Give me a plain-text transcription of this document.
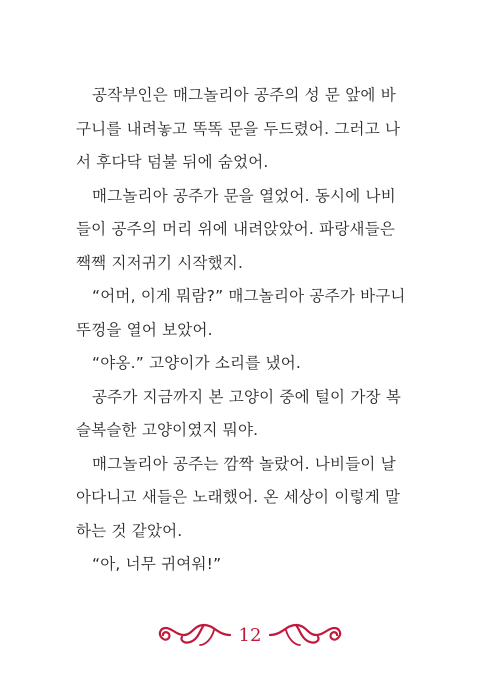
공작부인은 매그놀리아 공주의 성 문 앞에 바
구니를 내려놓고 똑똑 문을 두드렸어. 그러고 나
서 후다닥 덤불 뒤에 숨었어.
매그놀리아 공주가 문을 열었어. 동시에 나비
들이 공주의 머리 위에 내려앉았어. 파랑새들은
짹짹 지저귀기 시작했지.
“어머, 이게 뭐람?” 매그놀리아 공주가 바구니
뚜껑을 열어 보았어.
“야옹.” 고양이가 소리를 냈어.
공주가 지금까지 본 고양이 중에 털이 가장 복
슬복슬한 고양이였지 뭐야.
매그놀리아 공주는 깜짝 놀랐어. 나비들이 날
아다니고 새들은 노래했어. 온 세상이 이렇게 말
하는 것 같았어.
“아, 너무 귀여워!”
12
